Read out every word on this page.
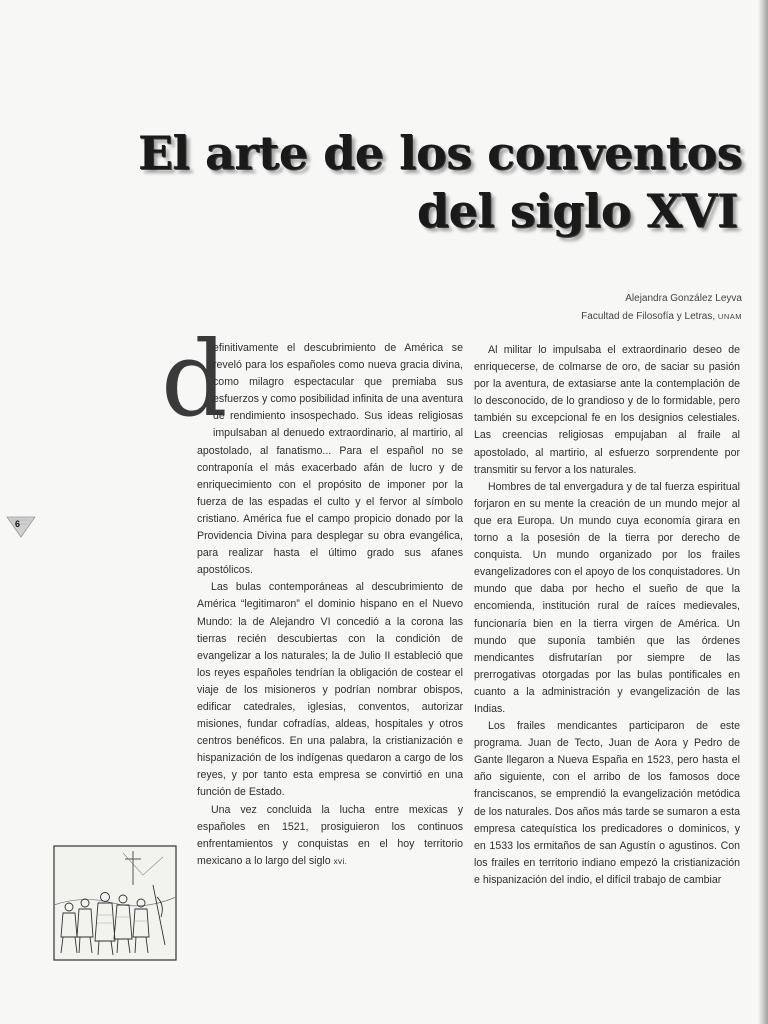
El arte de los conventos
del siglo XVI
Alejandra González Leyva
Facultad de Filosofía y Letras, UNAM
6

d
efinitivamente el descubrimiento de América se reveló para los españoles como nueva gracia divina, como milagro espectacular que premiaba sus esfuerzos y como posibilidad infinita de una aventura de rendimiento insospechado. Sus ideas religiosas impulsaban al denuedo extraordinario, al martirio, al apostolado, al fanatismo... Para el español no se contraponía el más exacerbado afán de lucro y de enriquecimiento con el propósito de imponer por la fuerza de las espadas el culto y el fervor al símbolo cristiano. América fue el campo propicio donado por la Providencia Divina para desplegar su obra evangélica, para realizar hasta el último grado sus afanes apostólicos.

Las bulas contemporáneas al descubrimiento de América “legitimaron” el dominio hispano en el Nuevo Mundo: la de Alejandro VI concedió a la corona las tierras recién descubiertas con la condición de evangelizar a los naturales; la de Julio II estableció que los reyes españoles tendrían la obligación de costear el viaje de los misioneros y podrían nombrar obispos, edificar catedrales, iglesias, conventos, autorizar misiones, fundar cofradías, aldeas, hospitales y otros centros benéficos. En una palabra, la cristianización e hispanización de los indígenas quedaron a cargo de los reyes, y por tanto esta empresa se convirtió en una función de Estado.

Una vez concluida la lucha entre mexicas y españoles en 1521, prosiguieron los continuos enfrentamientos y conquistas en el hoy territorio mexicano a lo largo del siglo xvi.

Al militar lo impulsaba el extraordinario deseo de enriquecerse, de colmarse de oro, de saciar su pasión por la aventura, de extasiarse ante la contemplación de lo desconocido, de lo grandioso y de lo formidable, pero también su excepcional fe en los designios celestiales. Las creencias religiosas empujaban al fraile al apostolado, al martirio, al esfuerzo sorprendente por transmitir su fervor a los naturales.

Hombres de tal envergadura y de tal fuerza espiritual forjaron en su mente la creación de un mundo mejor al que era Europa. Un mundo cuya economía girara en torno a la posesión de la tierra por derecho de conquista. Un mundo organizado por los frailes evangelizadores con el apoyo de los conquistadores. Un mundo que daba por hecho el sueño de que la encomienda, institución rural de raíces medievales, funcionaría bien en la tierra virgen de América. Un mundo que suponía también que las órdenes mendicantes disfrutarían por siempre de las prerrogativas otorgadas por las bulas pontificales en cuanto a la administración y evangelización de las Indias.

Los frailes mendicantes participaron de este programa. Juan de Tecto, Juan de Aora y Pedro de Gante llegaron a Nueva España en 1523, pero hasta el año siguiente, con el arribo de los famosos doce franciscanos, se emprendió la evangelización metódica de los naturales. Dos años más tarde se sumaron a esta empresa catequística los predicadores o dominicos, y en 1533 los ermitaños de san Agustín o agustinos. Con los frailes en territorio indiano empezó la cristianización e hispanización del indio, el difícil trabajo de cambiar
